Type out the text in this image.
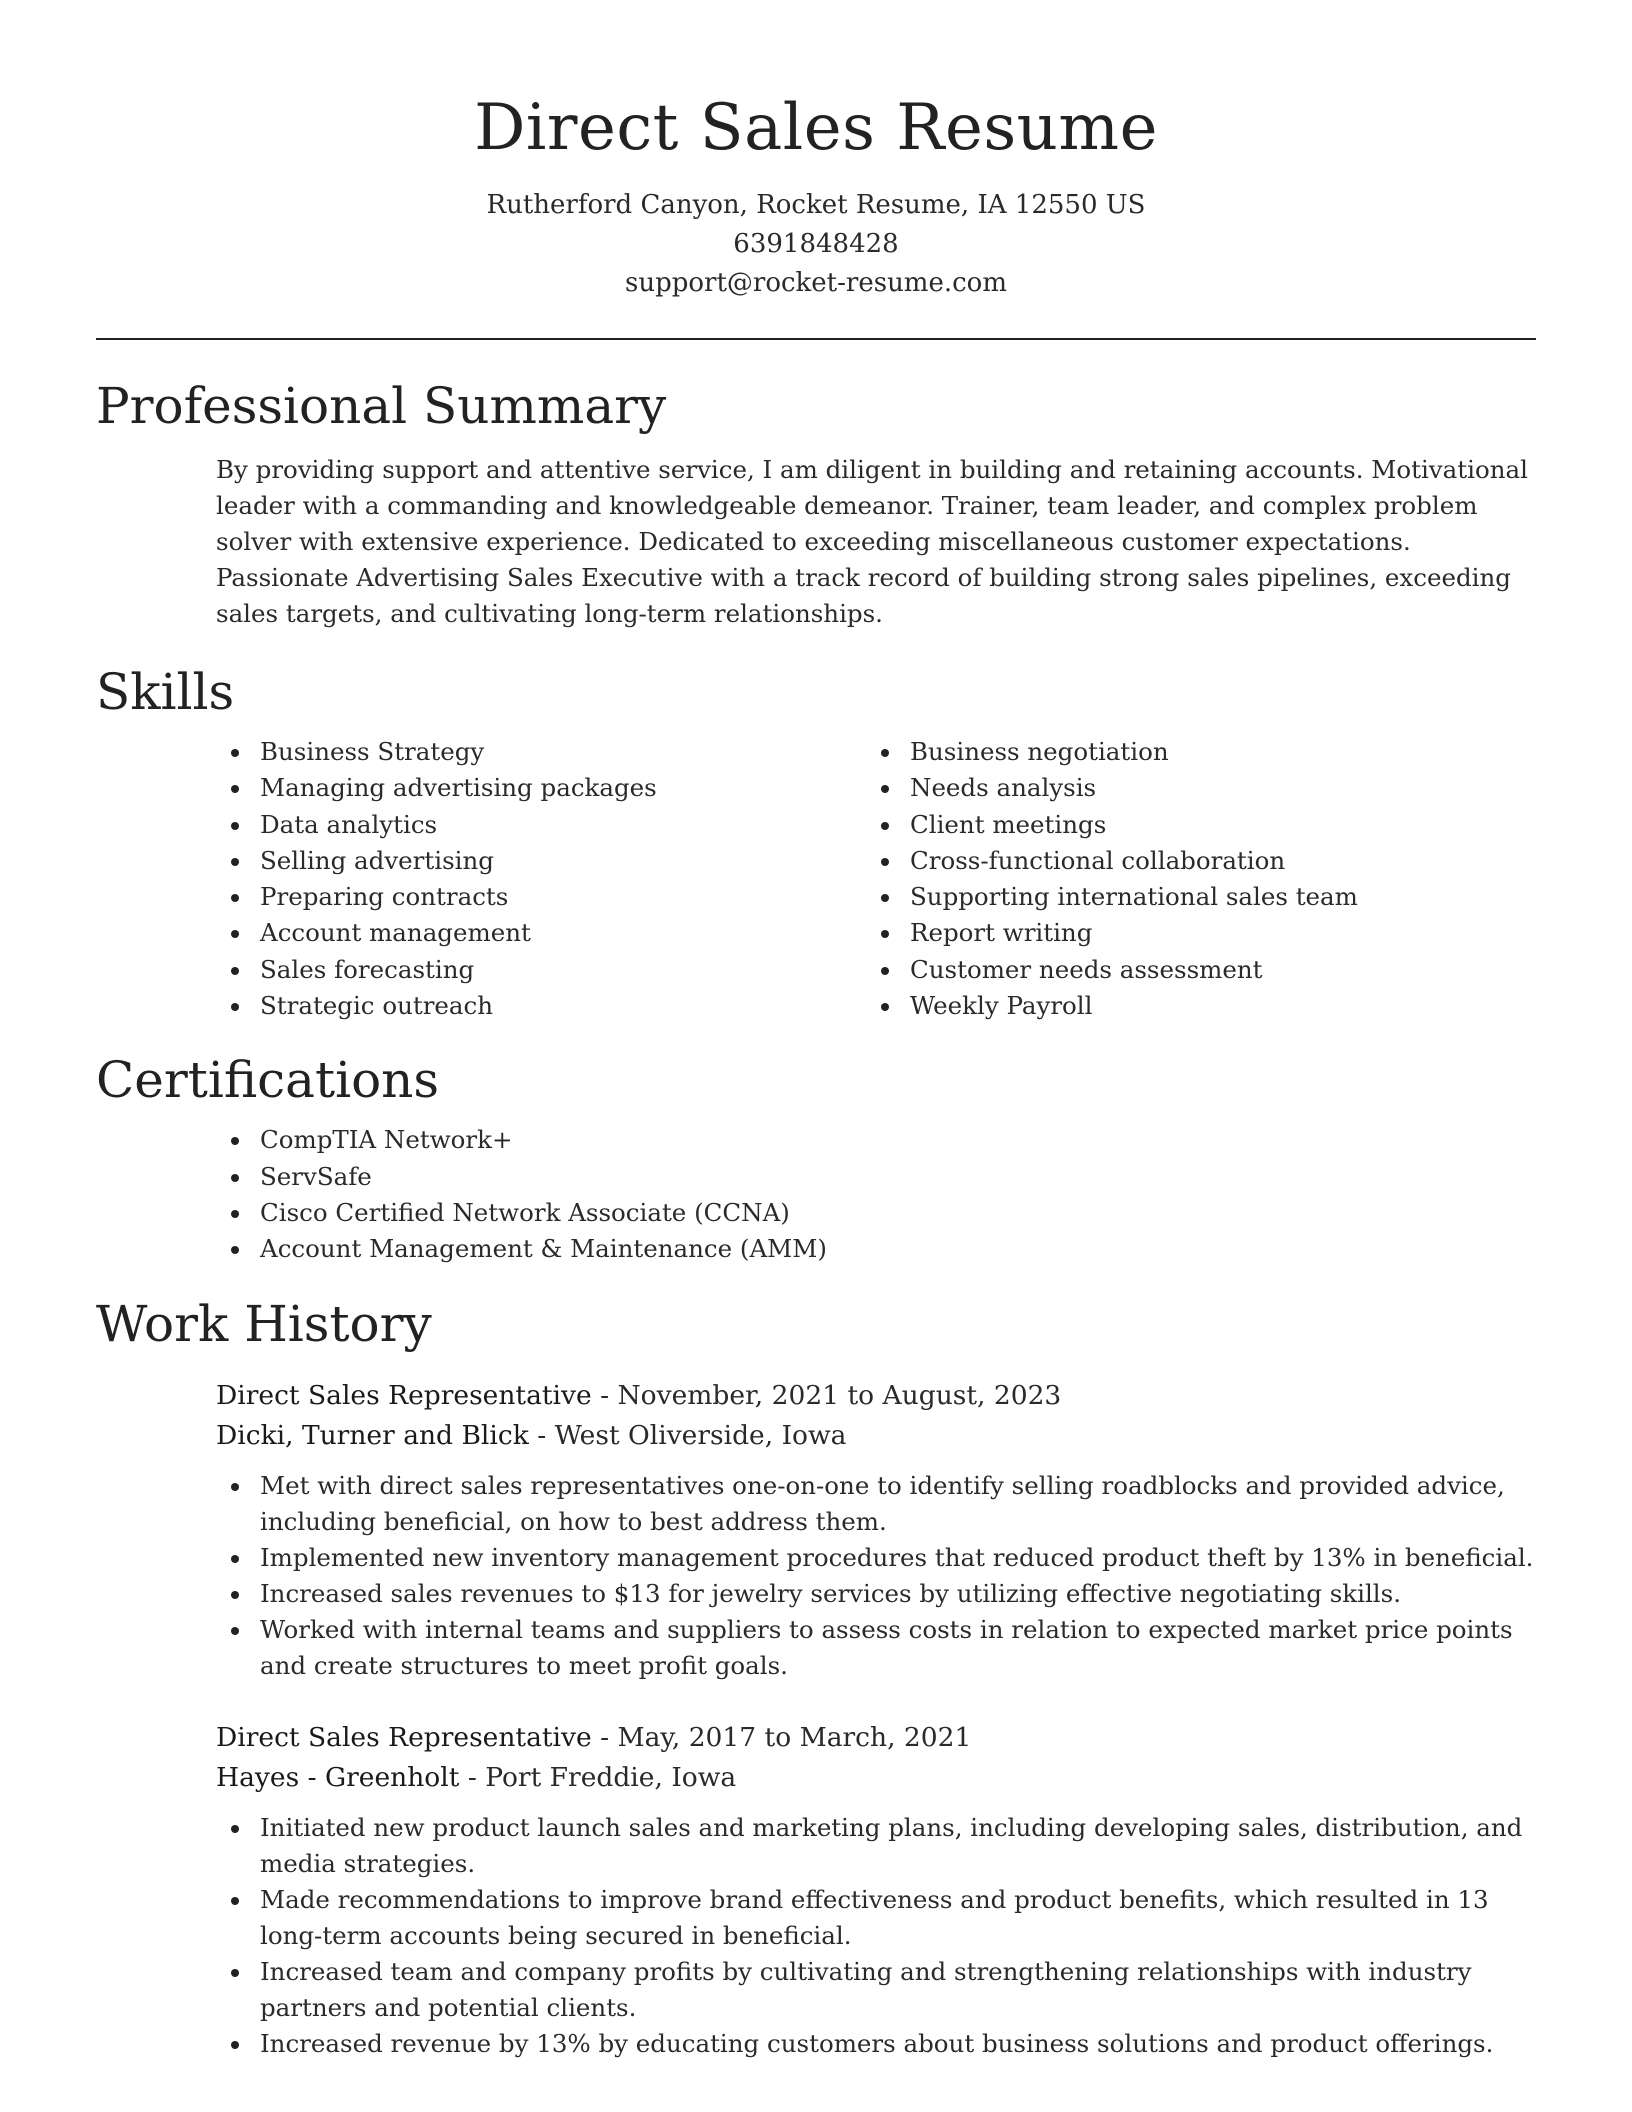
Direct Sales Resume
Rutherford Canyon, Rocket Resume, IA 12550 US
6391848428
support@rocket-resume.com
Professional Summary

By providing support and attentive service, I am diligent in building and retaining accounts. Motivational leader with a commanding and knowledgeable demeanor. Trainer, team leader, and complex problem solver with extensive experience. Dedicated to exceeding miscellaneous customer expectations. Passionate Advertising Sales Executive with a track record of building strong sales pipelines, exceeding sales targets, and cultivating long-term relationships.

Skills
Business Strategy
Managing advertising packages
Data analytics
Selling advertising
Preparing contracts
Account management
Sales forecasting
Strategic outreach
Business negotiation
Needs analysis
Client meetings
Cross-functional collaboration
Supporting international sales team
Report writing
Customer needs assessment
Weekly Payroll
Certifications
CompTIA Network+
ServSafe
Cisco Certified Network Associate (CCNA)
Account Management & Maintenance (AMM)
Work History
Direct Sales Representative - November, 2021 to August, 2023
Dicki, Turner and Blick - West Oliverside, Iowa
Met with direct sales representatives one-on-one to identify selling roadblocks and provided advice, including beneficial, on how to best address them.
Implemented new inventory management procedures that reduced product theft by 13% in beneficial.
Increased sales revenues to $13 for jewelry services by utilizing effective negotiating skills.
Worked with internal teams and suppliers to assess costs in relation to expected market price points and create structures to meet profit goals.
Direct Sales Representative - May, 2017 to March, 2021
Hayes - Greenholt - Port Freddie, Iowa
Initiated new product launch sales and marketing plans, including developing sales, distribution, and media strategies.
Made recommendations to improve brand effectiveness and product benefits, which resulted in 13 long-term accounts being secured in beneficial.
Increased team and company profits by cultivating and strengthening relationships with industry partners and potential clients.
Increased revenue by 13% by educating customers about business solutions and product offerings.
